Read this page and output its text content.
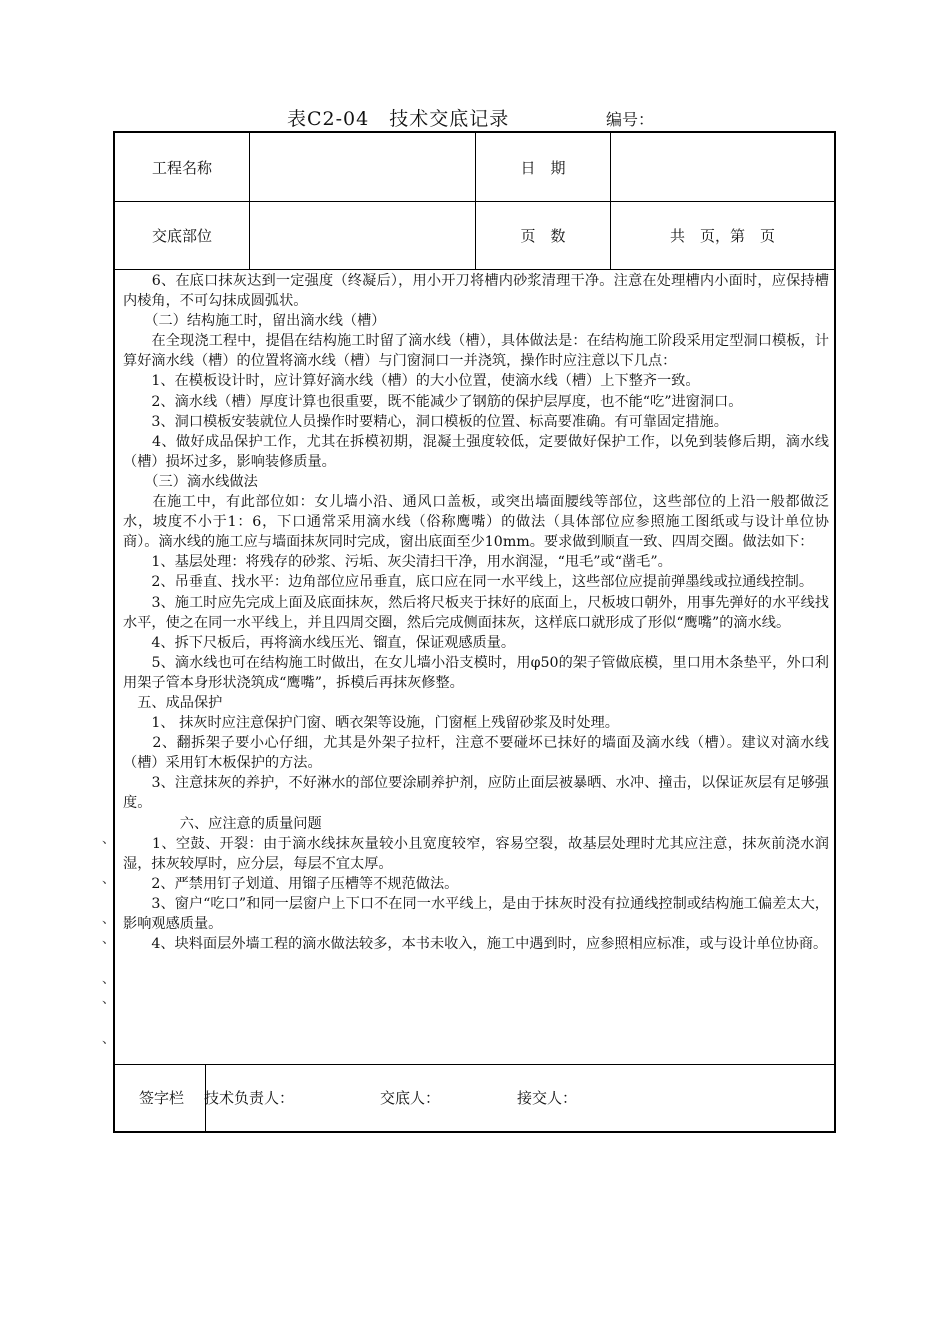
表C2-04　技术交底记录	编号：
工程名称	日　期
交底部位	页　数	共　页，第　页

　　6、在底口抹灰达到一定强度（终凝后），用小开刀将槽内砂浆清理干净。注意在处理槽内小面时，应保持槽内棱角，不可勾抹成圆弧状。

　　（二）结构施工时，留出滴水线（槽）

　　在全现浇工程中，提倡在结构施工时留了滴水线（槽），具体做法是：在结构施工阶段采用定型洞口模板，计算好滴水线（槽）的位置将滴水线（槽）与门窗洞口一并浇筑，操作时应注意以下几点：

　　1、在模板设计时，应计算好滴水线（槽）的大小位置，使滴水线（槽）上下整齐一致。

　　2、滴水线（槽）厚度计算也很重要，既不能减少了钢筋的保护层厚度，也不能“吃”进窗洞口。

　　3、洞口模板安装就位人员操作时要精心，洞口模板的位置、标高要准确。有可靠固定措施。

　　4、做好成品保护工作，尤其在拆模初期，混凝土强度较低，定要做好保护工作，以免到装修后期，滴水线（槽）损坏过多，影响装修质量。

　　（三）滴水线做法

　　在施工中，有此部位如：女儿墙小沿、通风口盖板，或突出墙面腰线等部位，这些部位的上沿一般都做泛水，坡度不小于1：6，下口通常采用滴水线（俗称鹰嘴）的做法（具体部位应参照施工图纸或与设计单位协商）。滴水线的施工应与墙面抹灰同时完成，窗出底面至少10mm。要求做到顺直一致、四周交圈。做法如下：

　　1、基层处理：将残存的砂浆、污垢、灰尖清扫干净，用水润湿，“甩毛”或“凿毛”。

　　2、吊垂直、找水平：边角部位应吊垂直，底口应在同一水平线上，这些部位应提前弹墨线或拉通线控制。

　　3、施工时应先完成上面及底面抹灰，然后将尺板夹于抹好的底面上，尺板坡口朝外，用事先弹好的水平线找水平，使之在同一水平线上，并且四周交圈，然后完成侧面抹灰，这样底口就形成了形似“鹰嘴”的滴水线。

　　4、拆下尺板后，再将滴水线压光、镏直，保证观感质量。

　　5、滴水线也可在结构施工时做出，在女儿墙小沿支模时，用φ50的架子管做底模，里口用木条垫平，外口利用架子管本身形状浇筑成“鹰嘴”，拆模后再抹灰修整。

　五、成品保护

　　1、 抹灰时应注意保护门窗、晒衣架等设施，门窗框上残留砂浆及时处理。

　　2、翻拆架子要小心仔细，尤其是外架子拉杆，注意不要碰坏已抹好的墙面及滴水线（槽）。建议对滴水线（槽）采用钉木板保护的方法。

　　3、注意抹灰的养护，不好淋水的部位要涂刷养护剂，应防止面层被暴晒、水冲、撞击，以保证灰层有足够强度。

　　　　六、应注意的质量问题

　　1、空鼓、开裂：由于滴水线抹灰量较小且宽度较窄，容易空裂，故基层处理时尤其应注意，抹灰前浇水润湿，抹灰较厚时，应分层，每层不宜太厚。

　　2、严禁用钉子划道、用镏子压槽等不规范做法。

　　3、窗户“吃口”和同一层窗户上下口不在同一水平线上，是由于抹灰时没有拉通线控制或结构施工偏差太大，影响观感质量。

　　4、块料面层外墙工程的滴水做法较多，本书未收入，施工中遇到时，应参照相应标准，或与设计单位协商。

签字栏 技术负责人：	交底人：	接交人：
、
、
、
、
、
、
、
